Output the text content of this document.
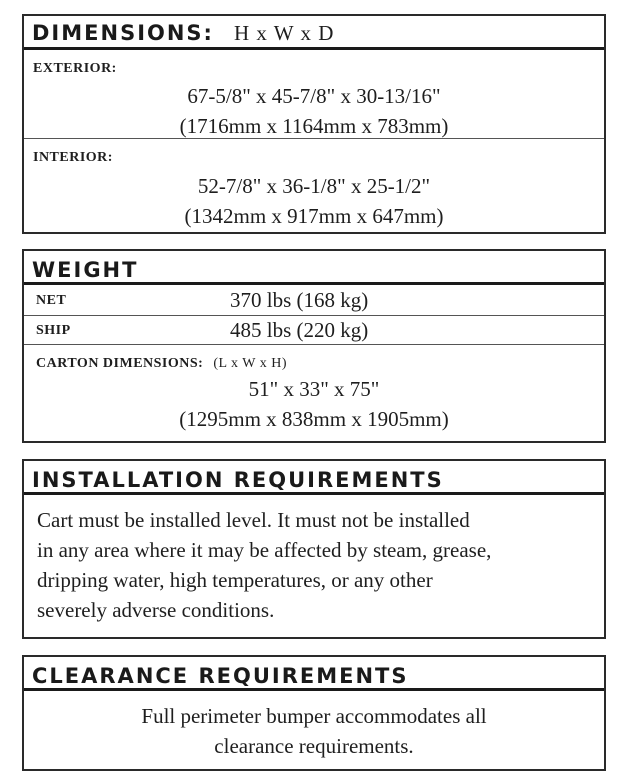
DIMENSIONS: H x W x D
EXTERIOR:
67-5/8" x 45-7/8" x 30-13/16"
(1716mm x 1164mm x 783mm)
INTERIOR:
52-7/8" x 36-1/8" x 25-1/2"
(1342mm x 917mm x 647mm)
WEIGHT
NET	370 lbs (168 kg)
SHIP	485 lbs (220 kg)
CARTON DIMENSIONS: (L x W x H)
51" x 33" x 75"
(1295mm x 838mm x 1905mm)
INSTALLATION REQUIREMENTS
Cart must be installed level. It must not be installed
in any area where it may be affected by steam, grease,
dripping water, high temperatures, or any other
severely adverse conditions.
CLEARANCE REQUIREMENTS
Full perimeter bumper accommodates all
clearance requirements.
